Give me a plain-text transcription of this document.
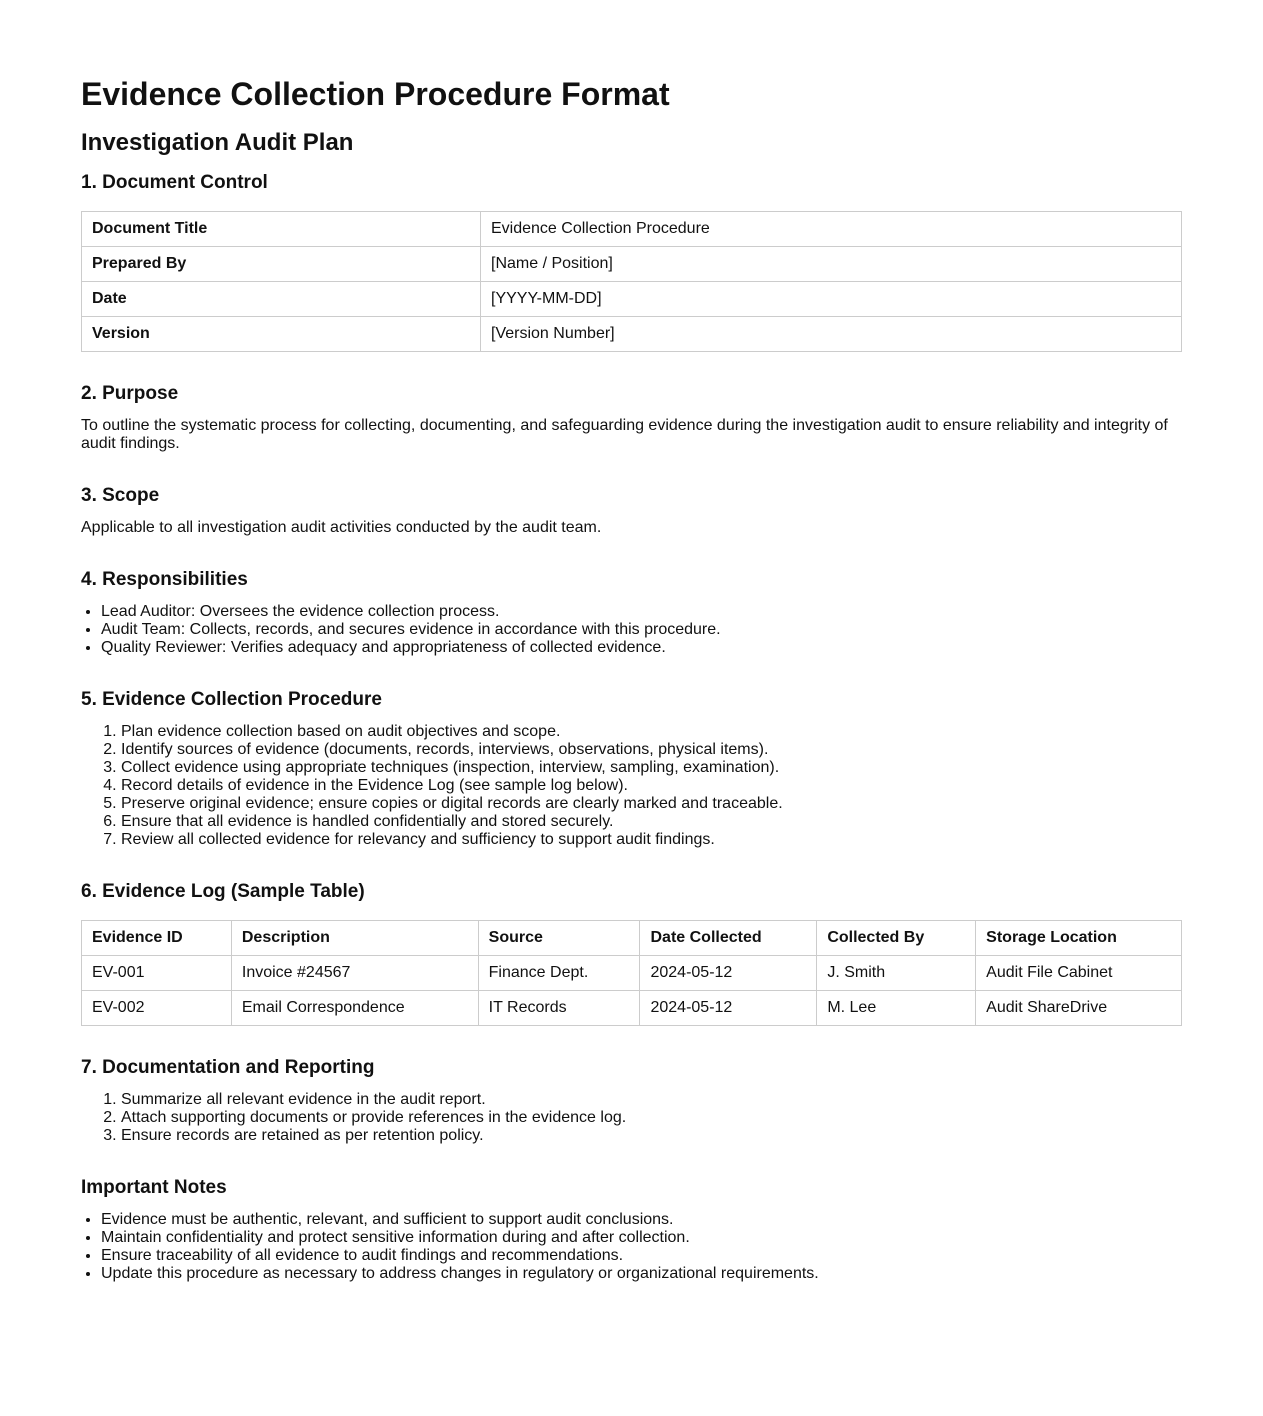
Evidence Collection Procedure Format
Investigation Audit Plan
1. Document Control
Document Title	Evidence Collection Procedure
Prepared By	[Name / Position]
Date	[YYYY-MM-DD]
Version	[Version Number]
2. Purpose

To outline the systematic process for collecting, documenting, and safeguarding evidence during the investigation audit to ensure reliability and integrity of audit findings.

3. Scope

Applicable to all investigation audit activities conducted by the audit team.

4. Responsibilities
• Lead Auditor: Oversees the evidence collection process.
• Audit Team: Collects, records, and secures evidence in accordance with this procedure.
• Quality Reviewer: Verifies adequacy and appropriateness of collected evidence.
5. Evidence Collection Procedure
1. Plan evidence collection based on audit objectives and scope.
2. Identify sources of evidence (documents, records, interviews, observations, physical items).
3. Collect evidence using appropriate techniques (inspection, interview, sampling, examination).
4. Record details of evidence in the Evidence Log (see sample log below).
5. Preserve original evidence; ensure copies or digital records are clearly marked and traceable.
6. Ensure that all evidence is handled confidentially and stored securely.
7. Review all collected evidence for relevancy and sufficiency to support audit findings.
6. Evidence Log (Sample Table)
Evidence ID	Description	Source	Date Collected	Collected By	Storage Location
EV-001	Invoice #24567	Finance Dept.	2024-05-12	J. Smith	Audit File Cabinet
EV-002	Email Correspondence	IT Records	2024-05-12	M. Lee	Audit ShareDrive
7. Documentation and Reporting
1. Summarize all relevant evidence in the audit report.
2. Attach supporting documents or provide references in the evidence log.
3. Ensure records are retained as per retention policy.
Important Notes
• Evidence must be authentic, relevant, and sufficient to support audit conclusions.
• Maintain confidentiality and protect sensitive information during and after collection.
• Ensure traceability of all evidence to audit findings and recommendations.
• Update this procedure as necessary to address changes in regulatory or organizational requirements.
